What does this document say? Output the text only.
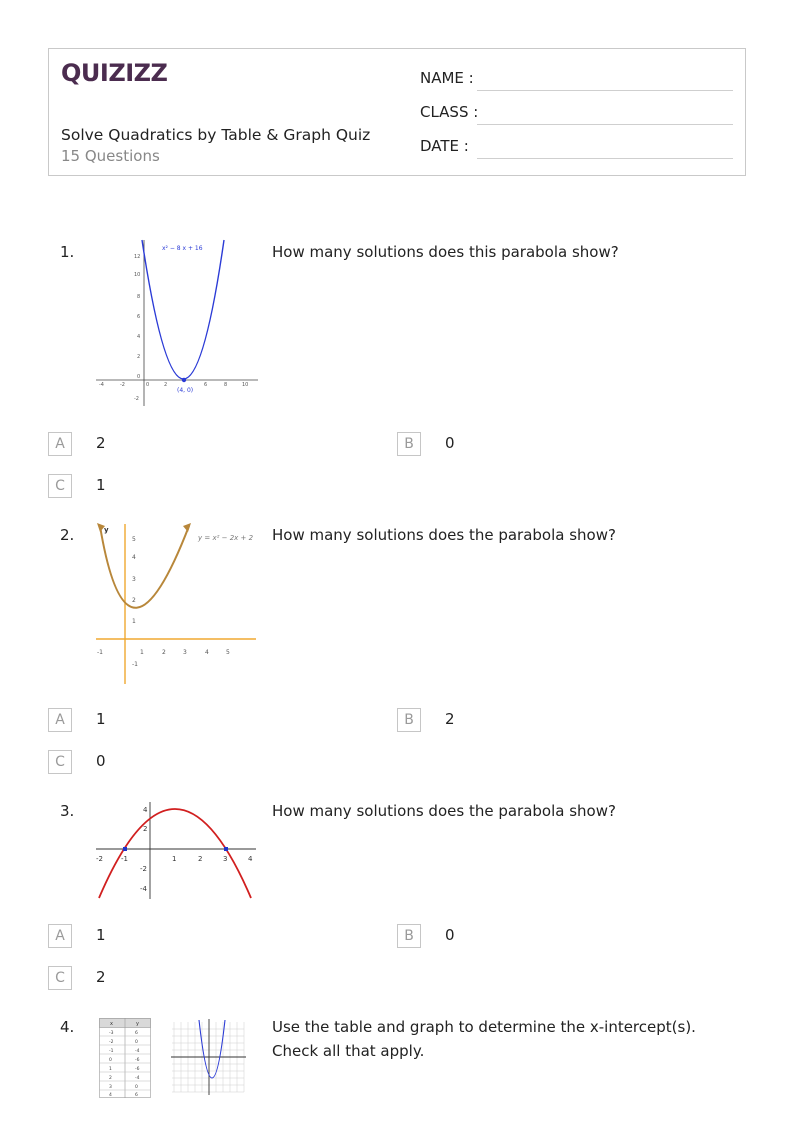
QUIZIZZ
Solve Quadratics by Table & Graph Quiz
15 Questions
NAME :
CLASS :
DATE :
1.	x² − 8 x + 16
(4, 0)
-4	-2	0	2	6	8	10
12
10
8
6
4
2
0
-2
How many solutions does this parabola show?
A	2	B	0
C	1
2.	y
y = x² − 2x + 2
-1	1	2	3	4	5
5
4
3
2
1
-1
How many solutions does the parabola show?
A	1	B	2
C	0
3.
-2	-1	1	2	3	4
4
2
-2
-4
How many solutions does the parabola show?
A	1	B	0
C	2
4.	x	y
-3	6
-2	0
-1	-4
0	-6
1	-6
2	-4
3	0
4	6
Use the table and graph to determine the x-intercept(s). Check all that apply.
